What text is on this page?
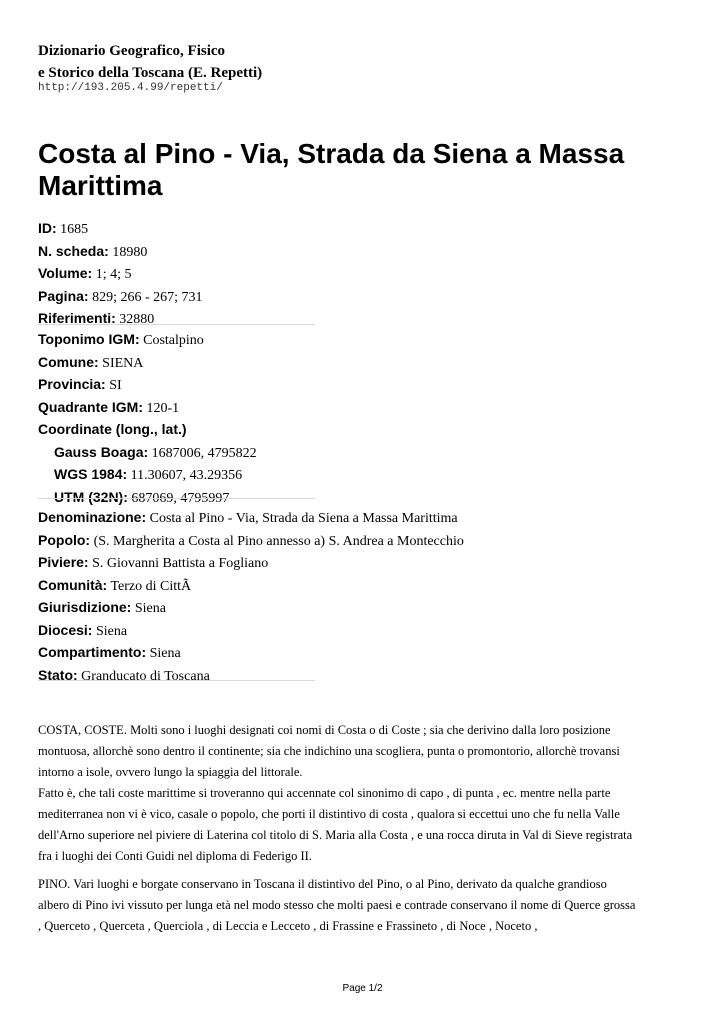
Dizionario Geografico, Fisico
e Storico della Toscana (E. Repetti)
http://193.205.4.99/repetti/
Costa al Pino - Via, Strada da Siena a Massa Marittima
ID: 1685
N. scheda: 18980
Volume: 1; 4; 5
Pagina: 829; 266 - 267; 731
Riferimenti: 32880
Toponimo IGM: Costalpino
Comune: SIENA
Provincia: SI
Quadrante IGM: 120-1
Coordinate (long., lat.)
Gauss Boaga: 1687006, 4795822
WGS 1984: 11.30607, 43.29356
UTM (32N): 687069, 4795997
Denominazione: Costa al Pino - Via, Strada da Siena a Massa Marittima
Popolo: (S. Margherita a Costa al Pino annesso a) S. Andrea a Montecchio
Piviere: S. Giovanni Battista a Fogliano
Comunità: Terzo di CittÃ
Giurisdizione: Siena
Diocesi: Siena
Compartimento: Siena
Stato: Granducato di Toscana
COSTA, COSTE. Molti sono i luoghi designati coi nomi di Costa o di Coste ; sia che derivino dalla loro posizione
montuosa, allorchè sono dentro il continente; sia che indichino una scogliera, punta o promontorio, allorchè trovansi
intorno a isole, ovvero lungo la spiaggia del littorale.
Fatto è, che tali coste marittime si troveranno qui accennate col sinonimo di capo , di punta , ec. mentre nella parte
mediterranea non vi è vico, casale o popolo, che porti il distintivo di costa , qualora si eccettui uno che fu nella Valle
dell'Arno superiore nel piviere di Laterina col titolo di S. Maria alla Costa , e una rocca diruta in Val di Sieve registrata
fra i luoghi dei Conti Guidi nel diploma di Federigo II.
PINO. Vari luoghi e borgate conservano in Toscana il distintivo del Pino, o al Pino, derivato da qualche grandioso
albero di Pino ivi vissuto per lunga età nel modo stesso che molti paesi e contrade conservano il nome di Querce grossa
, Querceto , Querceta , Querciola , di Leccia e Lecceto , di Frassine e Frassineto , di Noce , Noceto ,
Page 1/2
